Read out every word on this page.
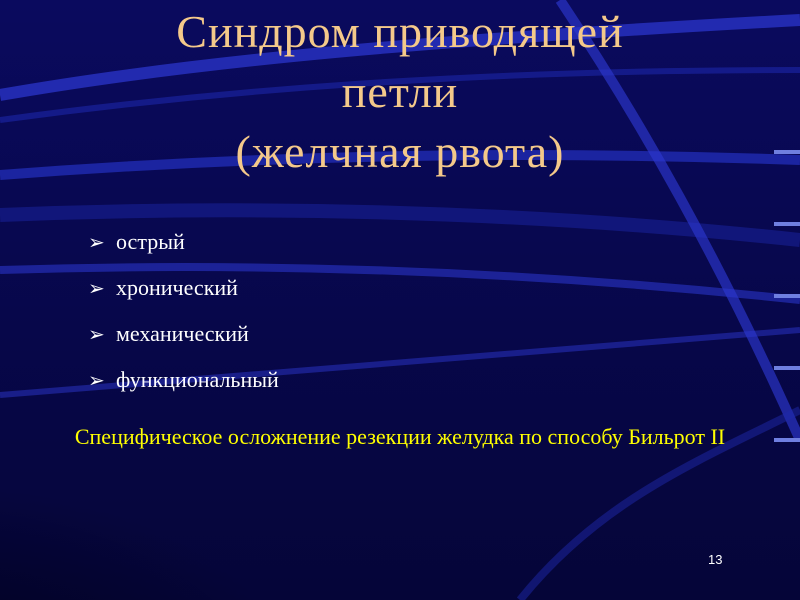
Синдром приводящей
петли
(желчная рвота)
➢ острый
➢ хронический
➢ механический
➢ функциональный
Специфическое осложнение резекции желудка по способу Бильрот II
13
